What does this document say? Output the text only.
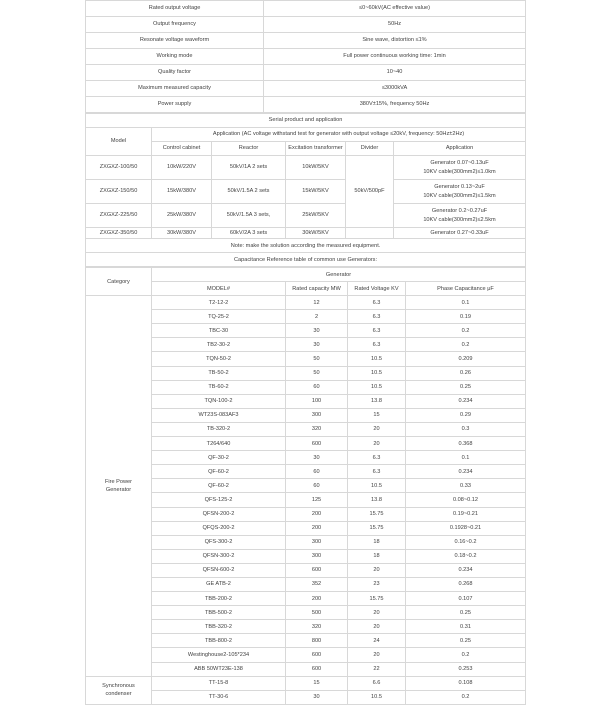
Rated output voltage	≤0~60kV(AC effective value)
Output frequency	50Hz
Resonate voltage waveform	Sine wave, distortion ≤1%
Working mode	Full power continuous working time: 1min
Quality factor	10~40
Maximum measured capacity	≤3000kVA
Power supply	380V±15%, frequency 50Hz
Serial product and application					
Model	Application (AC voltage withstand test for generator with output voltage ≤20kV, frequency: 50Hz±2Hz)				
	Control cabinet	Reactor	Excitation transformer	Divider	Application
ZXGXZ-100/50	10kW/220V	50kV/1A 2 sets	10kW/5KV	50kV/500pF	Generator 0.07~0.13uF
10KV cable(300mm2)≤1.0km
ZXGXZ-150/50	15kW/380V	50kV/1.5A 2 sets	15kW/5KV		Generator 0.13~2uF
10KV cable(300mm2)≤1.5km
ZXGXZ-225/50	25kW/380V	50kV/1.5A 3 sets,	25kW/5KV		Generator 0.2~0.27uF
10KV cable(300mm2)≤2.5km
ZXGXZ-350/50	30kW/380V	60kV/2A 3 sets	30kW/5KV		Generator 0.27~0.33uF
Note: make the solution according the measured equipment.					
Capacitance Reference table of common use Generators:					
Category	Generator			
	MODEL#	Rated capacity MW	Rated Voltage KV	Phase Capacitance μF
Fire Power
Generator	T2-12-2	12	6.3	0.1
	TQ-25-2	2	6.3	0.19
	TBC-30	30	6.3	0.2
	TB2-30-2	30	6.3	0.2
	TQN-50-2	50	10.5	0.209
	TB-50-2	50	10.5	0.26
	TB-60-2	60	10.5	0.25
	TQN-100-2	100	13.8	0.234
	WT23S-083AF3	300	15	0.29
	TB-320-2	320	20	0.3
	T264/640	600	20	0.368
	QF-30-2	30	6.3	0.1
	QF-60-2	60	6.3	0.234
	QF-60-2	60	10.5	0.33
	QFS-125-2	125	13.8	0.08~0.12
	QFSN-200-2	200	15.75	0.19~0.21
	QFQS-200-2	200	15.75	0.1928~0.21
	QFS-300-2	300	18	0.16~0.2
	QFSN-300-2	300	18	0.18~0.2
	QFSN-600-2	600	20	0.234
	GE ATB-2	352	23	0.268
	TBB-200-2	200	15.75	0.107
	TBB-500-2	500	20	0.25
	TBB-320-2	320	20	0.31
	TBB-800-2	800	24	0.25
	Westinghouse2-105*234	600	20	0.2
	ABB 50WT23E-138	600	22	0.253
Synchronous
condenser	TT-15-8	15	6.6	0.108
	TT-30-6	30	10.5	0.2
